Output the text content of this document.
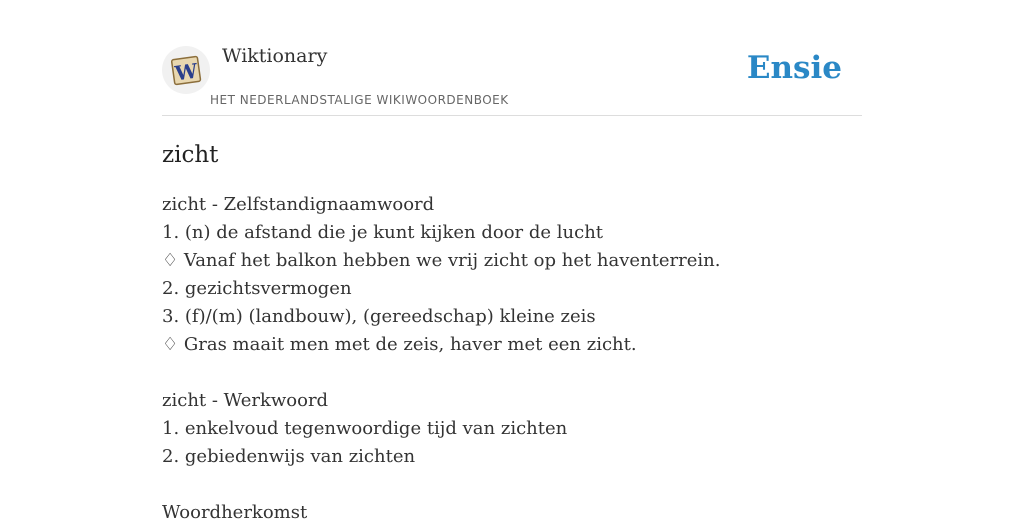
W

Wiktionary

HET NEDERLANDSTALIGE WIKIWOORDENBOEK

Ensie
zicht
zicht - Zelfstandignaamwoord
1. (n) de afstand die je kunt kijken door de lucht
♢ Vanaf het balkon hebben we vrij zicht op het haventerrein.
2. gezichtsvermogen
3. (f)/(m) (landbouw), (gereedschap) kleine zeis
♢ Gras maait men met de zeis, haver met een zicht.
zicht - Werkwoord
1. enkelvoud tegenwoordige tijd van zichten
2. gebiedenwijs van zichten
Woordherkomst
